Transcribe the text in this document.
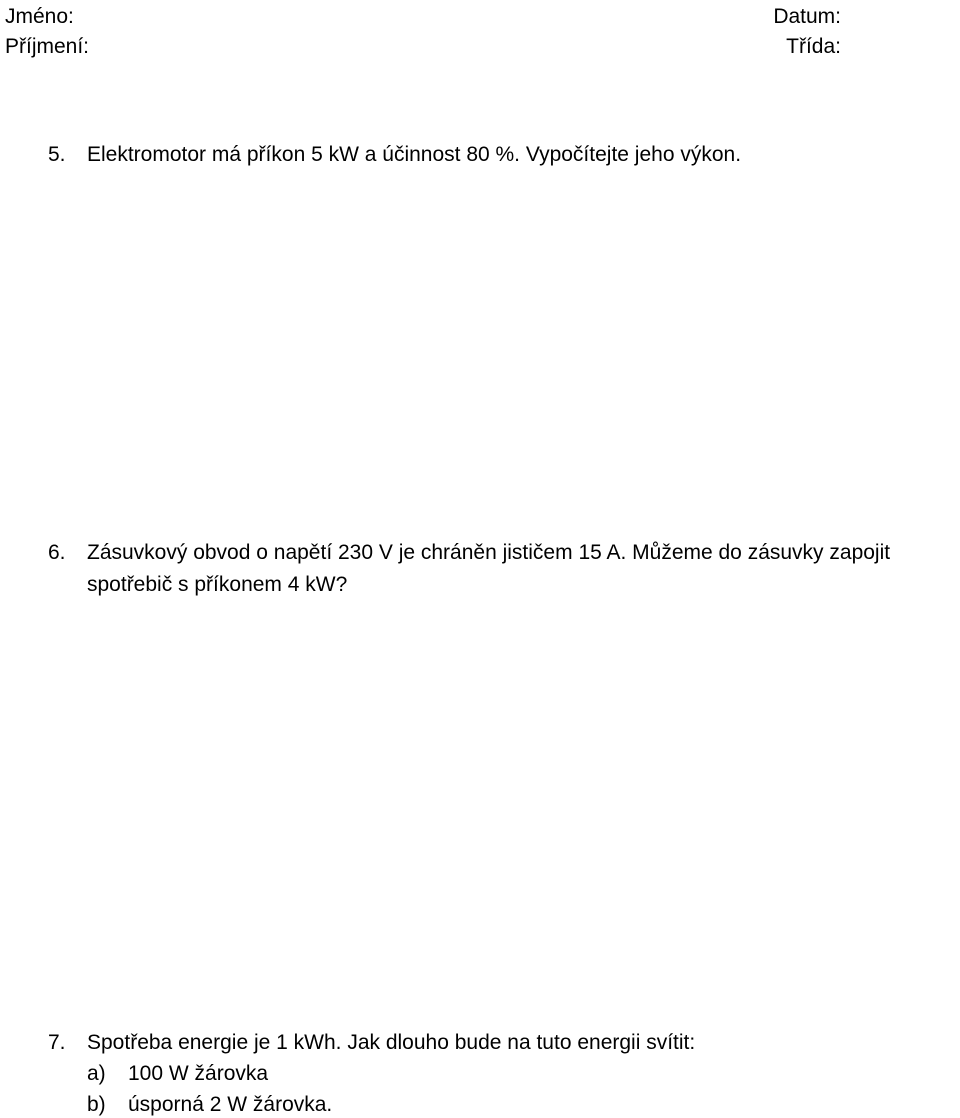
Jméno:
Příjmení:
Datum:
Třída:
5. Elektromotor má příkon 5 kW a účinnost 80 %. Vypočítejte jeho výkon.
6. Zásuvkový obvod o napětí 230 V je chráněn jističem 15 A. Můžeme do zásuvky zapojit
spotřebič s příkonem 4 kW?
7. Spotřeba energie je 1 kWh. Jak dlouho bude na tuto energii svítit:
a) 100 W žárovka
b) úsporná 2 W žárovka.
